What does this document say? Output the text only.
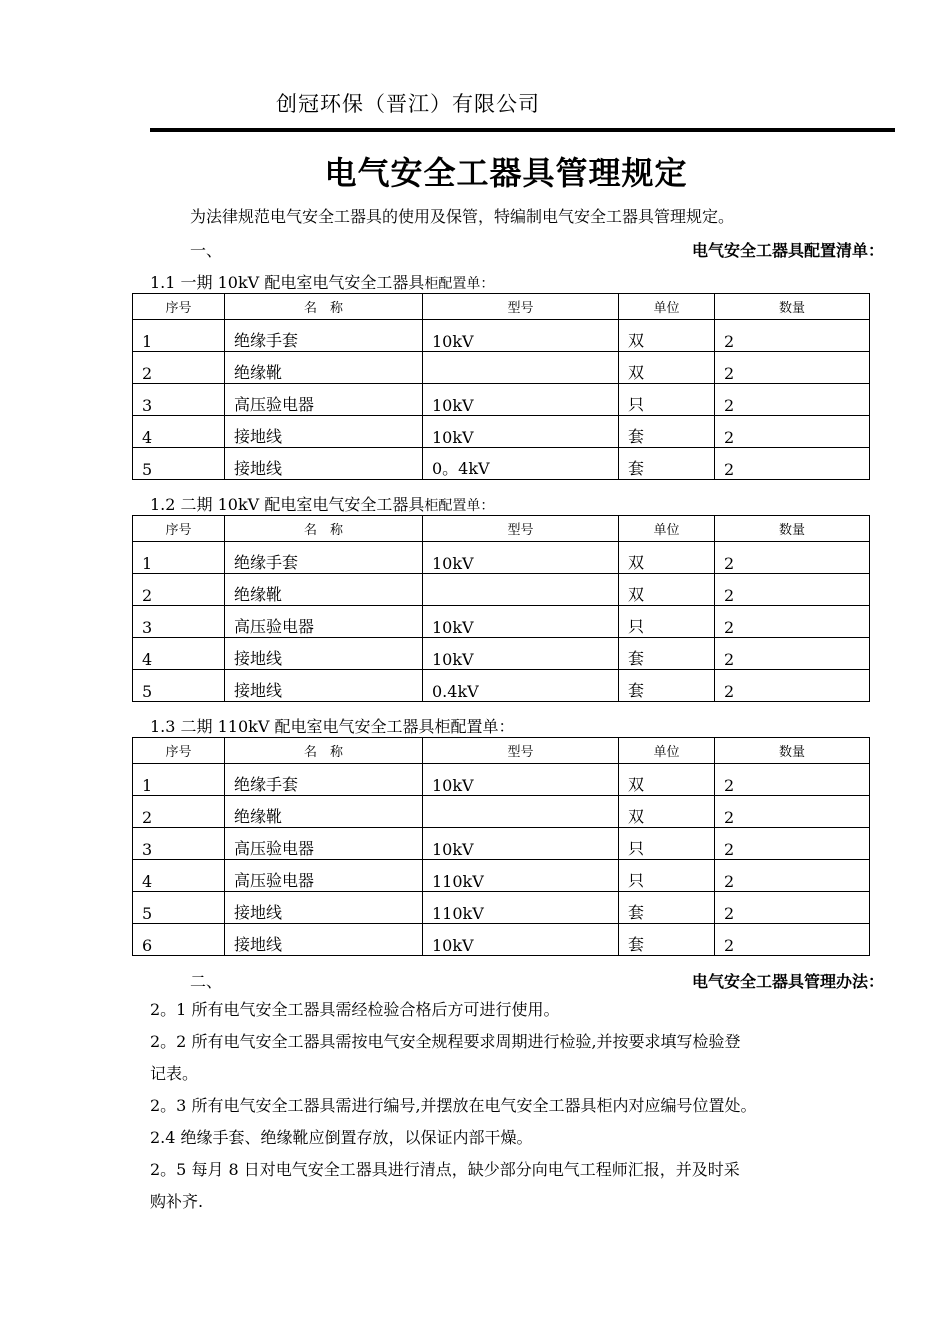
创冠环保（晋江）有限公司
电气安全工器具管理规定
为法律规范电气安全工器具的使用及保管，特编制电气安全工器具管理规定。
一、	电气安全工器具配置清单：
1.1 一期 10kV 配电室电气安全工器具柜配置单：
序号	名　称	型号	单位	数量
1	绝缘手套	10kV	双	2
2	绝缘靴		双	2
3	高压验电器	10kV	只	2
4	接地线	10kV	套	2
5	接地线	0。4kV	套	2
1.2 二期 10kV 配电室电气安全工器具柜配置单：
序号	名　称	型号	单位	数量
1	绝缘手套	10kV	双	2
2	绝缘靴		双	2
3	高压验电器	10kV	只	2
4	接地线	10kV	套	2
5	接地线	0.4kV	套	2
1.3 二期 110kV 配电室电气安全工器具柜配置单：
序号	名　称	型号	单位	数量
1	绝缘手套	10kV	双	2
2	绝缘靴		双	2
3	高压验电器	10kV	只	2
4	高压验电器	110kV	只	2
5	接地线	110kV	套	2
6	接地线	10kV	套	2
二、	电气安全工器具管理办法：
2。1 所有电气安全工器具需经检验合格后方可进行使用。
2。2 所有电气安全工器具需按电气安全规程要求周期进行检验,并按要求填写检验登
记表。
2。3 所有电气安全工器具需进行编号,并摆放在电气安全工器具柜内对应编号位置处。
2.4 绝缘手套、绝缘靴应倒置存放，以保证内部干燥。
2。5 每月 8 日对电气安全工器具进行清点，缺少部分向电气工程师汇报，并及时采
购补齐.
